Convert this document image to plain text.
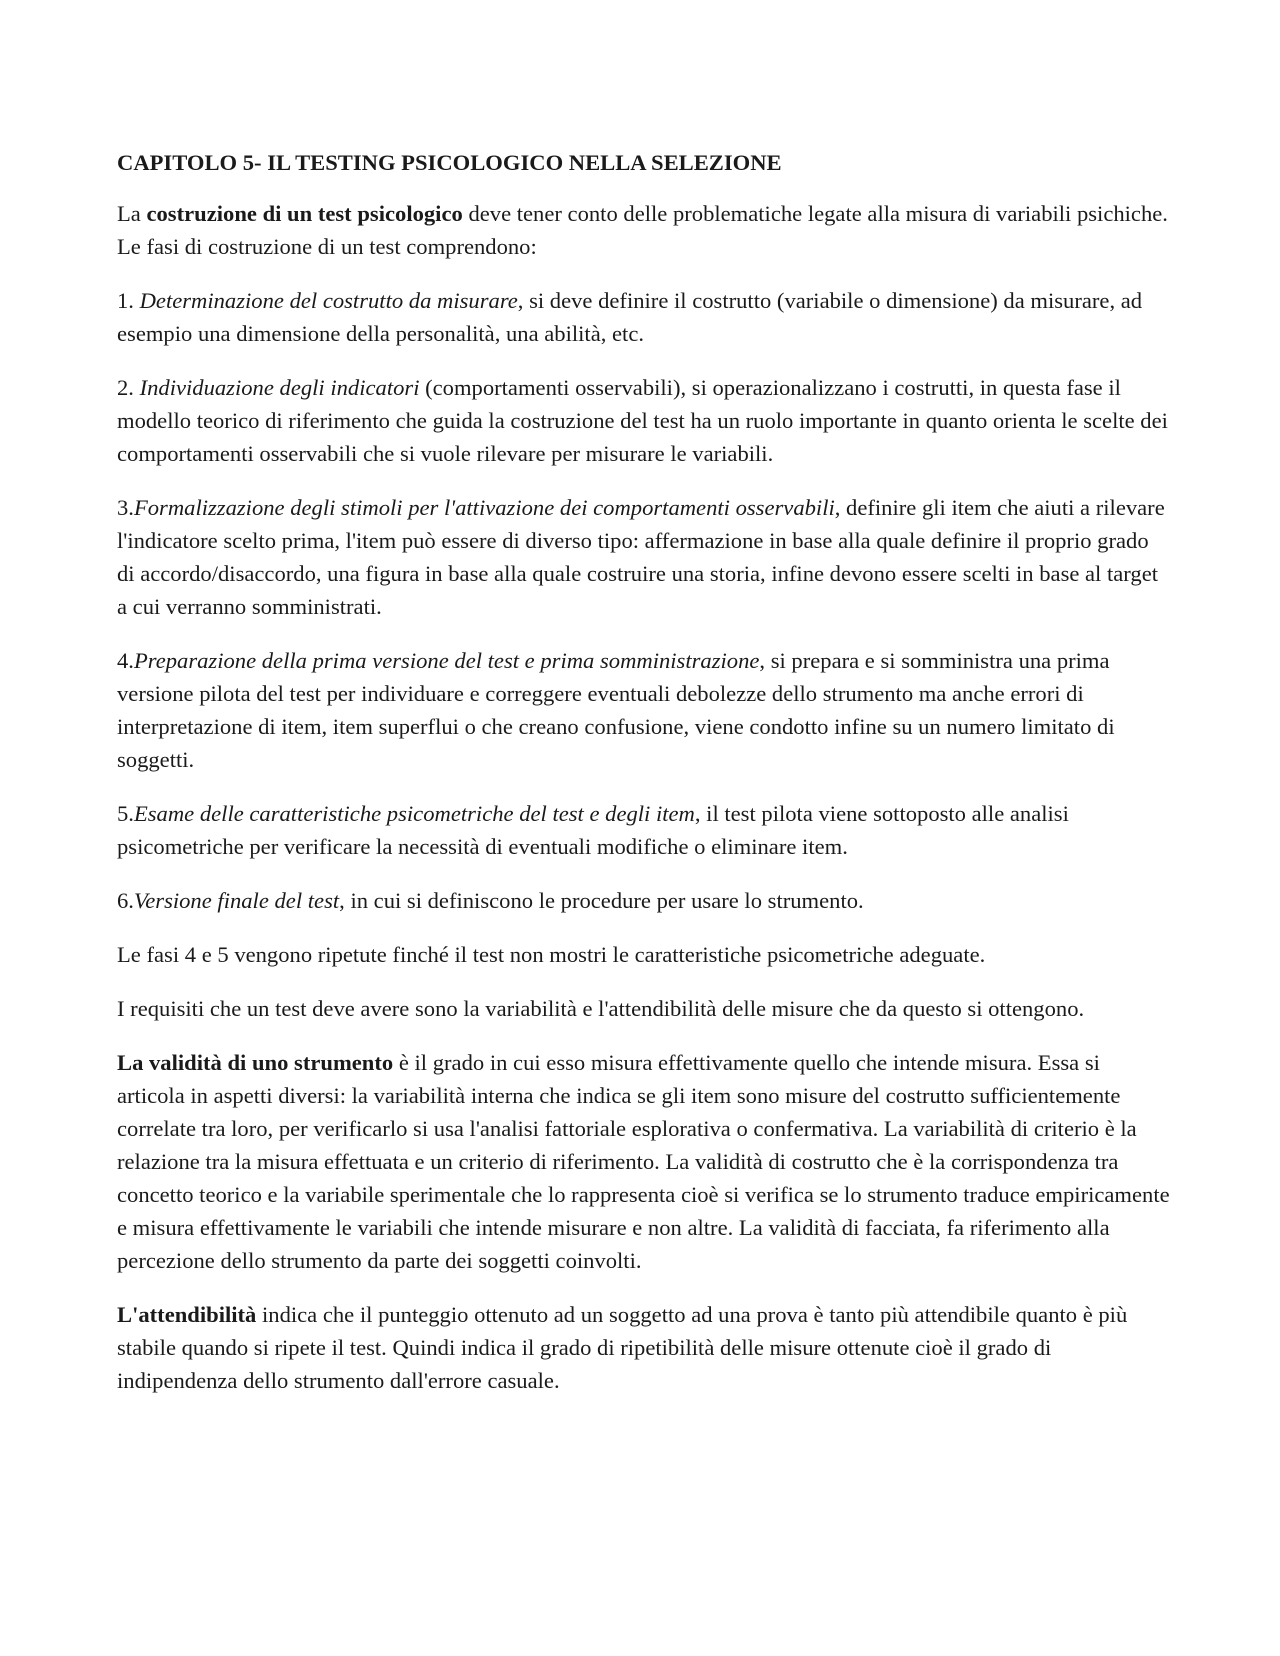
CAPITOLO 5- IL TESTING PSICOLOGICO NELLA SELEZIONE

La costruzione di un test psicologico deve tener conto delle problematiche legate alla misura di variabili psichiche. Le fasi di costruzione di un test comprendono:

1. Determinazione del costrutto da misurare, si deve definire il costrutto (variabile o dimensione) da misurare, ad esempio una dimensione della personalità, una abilità, etc.

2. Individuazione degli indicatori (comportamenti osservabili), si operazionalizzano i costrutti, in questa fase il modello teorico di riferimento che guida la costruzione del test ha un ruolo importante in quanto orienta le scelte dei comportamenti osservabili che si vuole rilevare per misurare le variabili.

3.Formalizzazione degli stimoli per l'attivazione dei comportamenti osservabili, definire gli item che aiuti a rilevare l'indicatore scelto prima, l'item può essere di diverso tipo: affermazione in base alla quale definire il proprio grado di accordo/disaccordo, una figura in base alla quale costruire una storia, infine devono essere scelti in base al target a cui verranno somministrati.

4.Preparazione della prima versione del test e prima somministrazione, si prepara e si somministra una prima versione pilota del test per individuare e correggere eventuali debolezze dello strumento ma anche errori di interpretazione di item, item superflui o che creano confusione, viene condotto infine su un numero limitato di soggetti.

5.Esame delle caratteristiche psicometriche del test e degli item, il test pilota viene sottoposto alle analisi psicometriche per verificare la necessità di eventuali modifiche o eliminare item.

6.Versione finale del test, in cui si definiscono le procedure per usare lo strumento.

Le fasi 4 e 5 vengono ripetute finché il test non mostri le caratteristiche psicometriche adeguate.

I requisiti che un test deve avere sono la variabilità e l'attendibilità delle misure che da questo si ottengono.

La validità di uno strumento è il grado in cui esso misura effettivamente quello che intende misura. Essa si articola in aspetti diversi: la variabilità interna che indica se gli item sono misure del costrutto sufficientemente correlate tra loro, per verificarlo si usa l'analisi fattoriale esplorativa o confermativa. La variabilità di criterio è la relazione tra la misura effettuata e un criterio di riferimento. La validità di costrutto che è la corrispondenza tra concetto teorico e la variabile sperimentale che lo rappresenta cioè si verifica se lo strumento traduce empiricamente e misura effettivamente le variabili che intende misurare e non altre. La validità di facciata, fa riferimento alla percezione dello strumento da parte dei soggetti coinvolti.

L'attendibilità indica che il punteggio ottenuto ad un soggetto ad una prova è tanto più attendibile quanto è più stabile quando si ripete il test. Quindi indica il grado di ripetibilità delle misure ottenute cioè il grado di indipendenza dello strumento dall'errore casuale.
